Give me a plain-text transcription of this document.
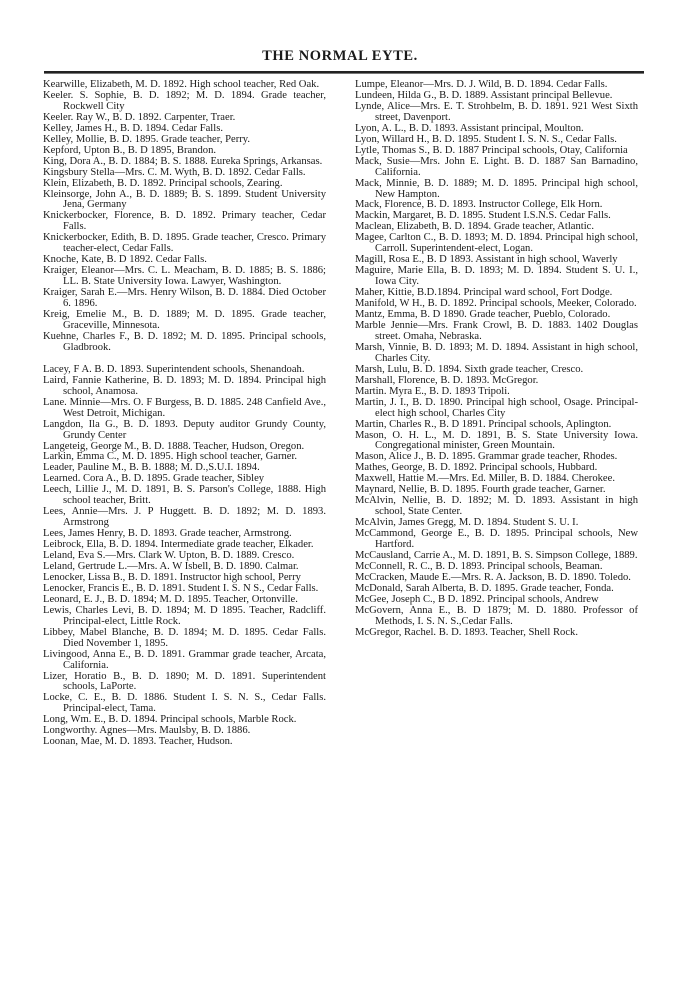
THE NORMAL EYTE.

Kearwille, Elizabeth, M. D. 1892. High school teacher, Red Oak.

Keeler. S. Sophie, B. D. 1892; M. D. 1894. Grade teacher, Rockwell City

Keeler. Ray W., B. D. 1892. Carpenter, Traer.

Kelley, James H., B. D. 1894. Cedar Falls.

Kelley, Mollie, B. D. 1895. Grade teacher, Perry.

Kepford, Upton B., B. D 1895, Brandon.

King, Dora A., B. D. 1884; B. S. 1888. Eureka Springs, Arkansas.

Kingsbury Stella—Mrs. C. M. Wyth, B. D. 1892. Cedar Falls.

Klein, Elizabeth, B. D. 1892. Principal schools, Zearing.

Kleinsorge, John A., B. D. 1889; B. S. 1899. Student University Jena, Germany

Knickerbocker, Florence, B. D. 1892. Primary teacher, Cedar Falls.

Knickerbocker, Edith, B. D. 1895. Grade teacher, Cresco. Primary teacher-elect, Cedar Falls.

Knoche, Kate, B. D 1892. Cedar Falls.

Kraiger, Eleanor—Mrs. C. L. Meacham, B. D. 1885; B. S. 1886; LL. B. State University Iowa. Lawyer, Washington.

Kraiger, Sarah E.—Mrs. Henry Wilson, B. D. 1884. Died October 6. 1896.

Kreig, Emelie M., B. D. 1889; M. D. 1895. Grade teacher, Graceville, Minnesota.

Kuehne, Charles F., B. D. 1892; M. D. 1895. Principal schools, Gladbrook.

Lacey, F A. B. D. 1893. Superintendent schools, Shenandoah.

Laird, Fannie Katherine, B. D. 1893; M. D. 1894. Principal high school, Anamosa.

Lane. Minnie—Mrs. O. F Burgess, B. D. 1885. 248 Canfield Ave., West Detroit, Michigan.

Langdon, Ila G., B. D. 1893. Deputy auditor Grundy County, Grundy Center

Langeteig, George M., B. D. 1888. Teacher, Hudson, Oregon.

Larkin, Emma C., M. D. 1895. High school teacher, Garner.

Leader, Pauline M., B. B. 1888; M. D.,S.U.I. 1894.

Learned. Cora A., B. D. 1895. Grade teacher, Sibley

Leech, Lillie J., M. D. 1891, B. S. Parson's College, 1888. High school teacher, Britt.

Lees, Annie—Mrs. J. P Huggett. B. D. 1892; M. D. 1893. Armstrong

Lees, James Henry, B. D. 1893. Grade teacher, Armstrong.

Leibrock, Ella, B. D. 1894. Intermediate grade teacher, Elkader.

Leland, Eva S.—Mrs. Clark W. Upton, B. D. 1889. Cresco.

Leland, Gertrude L.—Mrs. A. W Isbell, B. D. 1890. Calmar.

Lenocker, Lissa B., B. D. 1891. Instructor high school, Perry

Lenocker, Francis E., B. D. 1891. Student I. S. N S., Cedar Falls.

Leonard, E. J., B. D. 1894; M. D. 1895. Teacher, Ortonville.

Lewis, Charles Levi, B. D. 1894; M. D 1895. Teacher, Radcliff. Principal-elect, Little Rock.

Libbey, Mabel Blanche, B. D. 1894; M. D. 1895. Cedar Falls. Died November 1, 1895.

Livingood, Anna E., B. D. 1891. Grammar grade teacher, Arcata, California.

Lizer, Horatio B., B. D. 1890; M. D. 1891. Superintendent schools, LaPorte.

Locke, C. E., B. D. 1886. Student I. S. N. S., Cedar Falls. Principal-elect, Tama.

Long, Wm. E., B. D. 1894. Principal schools, Marble Rock.

Longworthy. Agnes—Mrs. Maulsby, B. D. 1886.

Loonan, Mae, M. D. 1893. Teacher, Hudson.

Lumpe, Eleanor—Mrs. D. J. Wild, B. D. 1894. Cedar Falls.

Lundeen, Hilda G., B. D. 1889. Assistant principal Bellevue.

Lynde, Alice—Mrs. E. T. Strohbelm, B. D. 1891. 921 West Sixth street, Davenport.

Lyon, A. L., B. D. 1893. Assistant principal, Moulton.

Lyon, Willard H., B. D. 1895. Student I. S. N. S., Cedar Falls.

Lytle, Thomas S., B. D. 1887 Principal schools, Otay, California

Mack, Susie—Mrs. John E. Light. B. D. 1887 San Barnadino, California.

Mack, Minnie, B. D. 1889; M. D. 1895. Principal high school, New Hampton.

Mack, Florence, B. D. 1893. Instructor College, Elk Horn.

Mackin, Margaret, B. D. 1895. Student I.S.N.S. Cedar Falls.

Maclean, Elizabeth, B. D. 1894. Grade teacher, Atlantic.

Magee, Carlton C., B. D. 1893; M. D. 1894. Principal high school, Carroll. Superintendent-elect, Logan.

Magill, Rosa E., B. D 1893. Assistant in high school, Waverly

Maguire, Marie Ella, B. D. 1893; M. D. 1894. Student S. U. I., Iowa City.

Maher, Kittie, B.D.1894. Principal ward school, Fort Dodge.

Manifold, W H., B. D. 1892. Principal schools, Meeker, Colorado.

Mantz, Emma, B. D 1890. Grade teacher, Pueblo, Colorado.

Marble Jennie—Mrs. Frank Crowl, B. D. 1883. 1402 Douglas street. Omaha, Nebraska.

Marsh, Vinnie, B. D. 1893; M. D. 1894. Assistant in high school, Charles City.

Marsh, Lulu, B. D. 1894. Sixth grade teacher, Cresco.

Marshall, Florence, B. D. 1893. McGregor.

Martin. Myra E., B. D. 1893 Tripoli.

Martin, J. I., B. D. 1890. Principal high school, Osage. Principal-elect high school, Charles City

Martin, Charles R., B. D 1891. Principal schools, Aplington.

Mason, O. H. L., M. D. 1891, B. S. State University Iowa. Congregational minister, Green Mountain.

Mason, Alice J., B. D. 1895. Grammar grade teacher, Rhodes.

Mathes, George, B. D. 1892. Principal schools, Hubbard.

Maxwell, Hattie M.—Mrs. Ed. Miller, B. D. 1884. Cherokee.

Maynard, Nellie, B. D. 1895. Fourth grade teacher, Garner.

McAlvin, Nellie, B. D. 1892; M. D. 1893. Assistant in high school, State Center.

McAlvin, James Gregg, M. D. 1894. Student S. U. I.

McCammond, George E., B. D. 1895. Principal schools, New Hartford.

McCausland, Carrie A., M. D. 1891, B. S. Simpson College, 1889.

McConnell, R. C., B. D. 1893. Principal schools, Beaman.

McCracken, Maude E.—Mrs. R. A. Jackson, B. D. 1890. Toledo.

McDonald, Sarah Alberta, B. D. 1895. Grade teacher, Fonda.

McGee, Joseph C., B D. 1892. Principal schools, Andrew

McGovern, Anna E., B. D 1879; M. D. 1880. Professor of Methods, I. S. N. S.,Cedar Falls.

McGregor, Rachel. B. D. 1893. Teacher, Shell Rock.
